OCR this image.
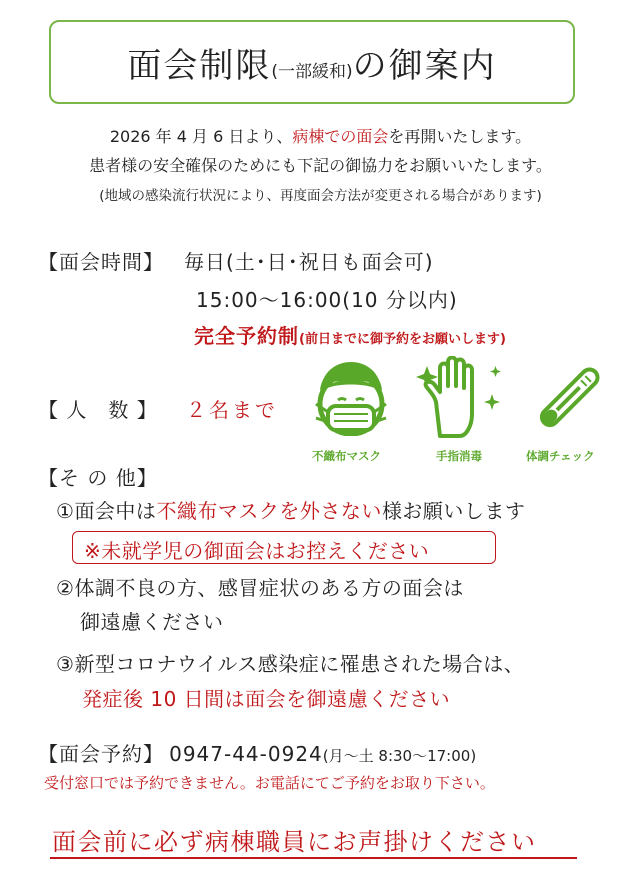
面会制限(一部緩和)の御案内
2026 年 4 月 6 日より、病棟での面会を再開いたします。
患者様の安全確保のためにも下記の御協力をお願いいたします。
(地域の感染流行状況により、再度面会方法が変更される場合があります)
【面会時間】 毎日(土･日･祝日も面会可)
15:00～16:00(10 分以内)
完全予約制(前日までに御予約をお願いします)
【 人　数 】 ２名まで
不織布マスク	手指消毒	体調チェック
【そ の 他】
①面会中は不織布マスクを外さない様お願いします
※未就学児の御面会はお控えください
②体調不良の方、感冒症状のある方の面会は
御遠慮ください
③新型コロナウイルス感染症に罹患された場合は、
発症後 10 日間は面会を御遠慮ください
【面会予約】 0947-44-0924(月～土 8:30～17:00)
受付窓口では予約できません。お電話にてご予約をお取り下さい。
面会前に必ず病棟職員にお声掛けください
